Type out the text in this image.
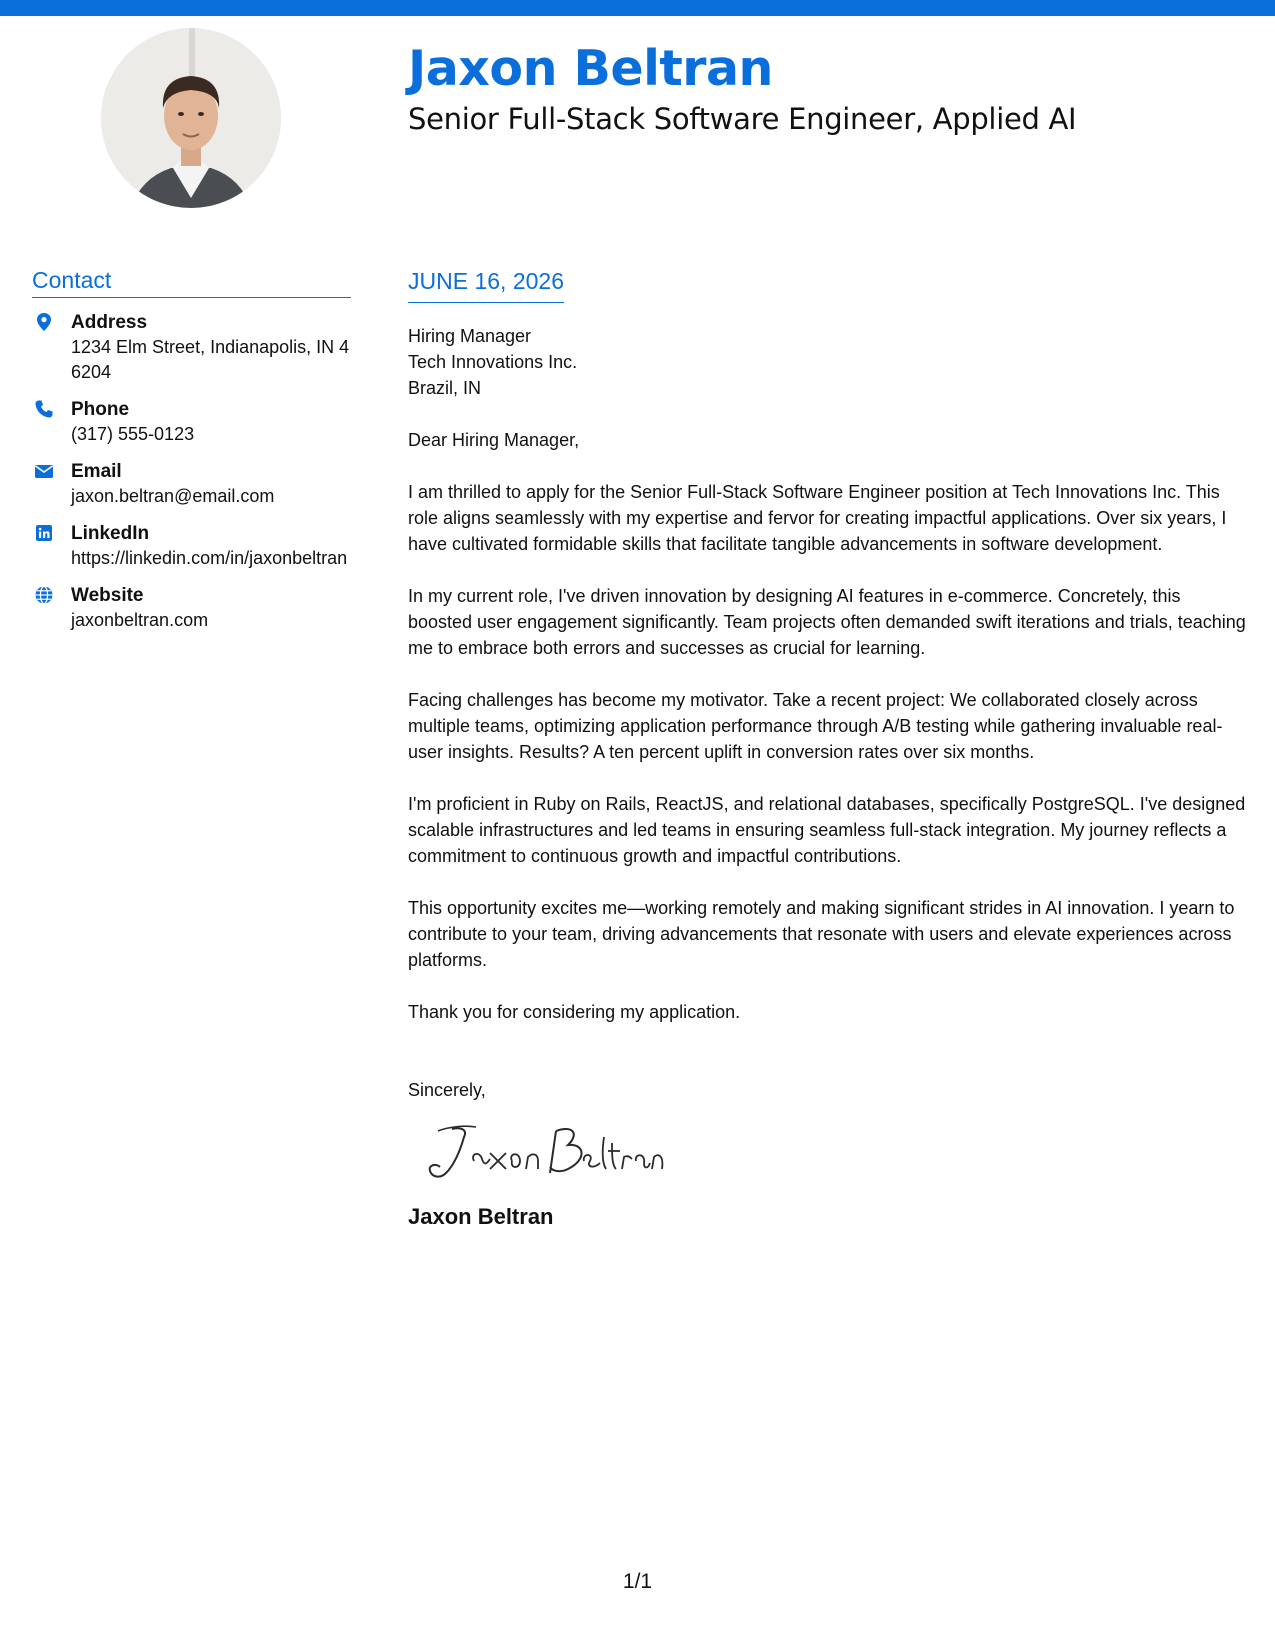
Jaxon Beltran
Senior Full-Stack Software Engineer, Applied AI
Contact
Address
1234 Elm Street, Indianapolis, IN 46204
Phone
(317) 555-0123
Email
jaxon.beltran@email.com
LinkedIn
https://linkedin.com/in/jaxonbeltran
Website
jaxonbeltran.com
JUNE 16, 2026
Hiring Manager
Tech Innovations Inc.
Brazil, IN
Dear Hiring Manager,

I am thrilled to apply for the Senior Full-Stack Software Engineer position at Tech Innovations Inc. This role aligns seamlessly with my expertise and fervor for creating impactful applications. Over six years, I have cultivated formidable skills that facilitate tangible advancements in software development.

In my current role, I've driven innovation by designing AI features in e-commerce. Concretely, this boosted user engagement significantly. Team projects often demanded swift iterations and trials, teaching me to embrace both errors and successes as crucial for learning.

Facing challenges has become my motivator. Take a recent project: We collaborated closely across multiple teams, optimizing application performance through A/B testing while gathering invaluable real-user insights. Results? A ten percent uplift in conversion rates over six months.

I'm proficient in Ruby on Rails, ReactJS, and relational databases, specifically PostgreSQL. I've designed scalable infrastructures and led teams in ensuring seamless full-stack integration. My journey reflects a commitment to continuous growth and impactful contributions.

This opportunity excites me—working remotely and making significant strides in AI innovation. I yearn to contribute to your team, driving advancements that resonate with users and elevate experiences across platforms.

Thank you for considering my application.

Sincerely,
Jaxon Beltran
1/1
